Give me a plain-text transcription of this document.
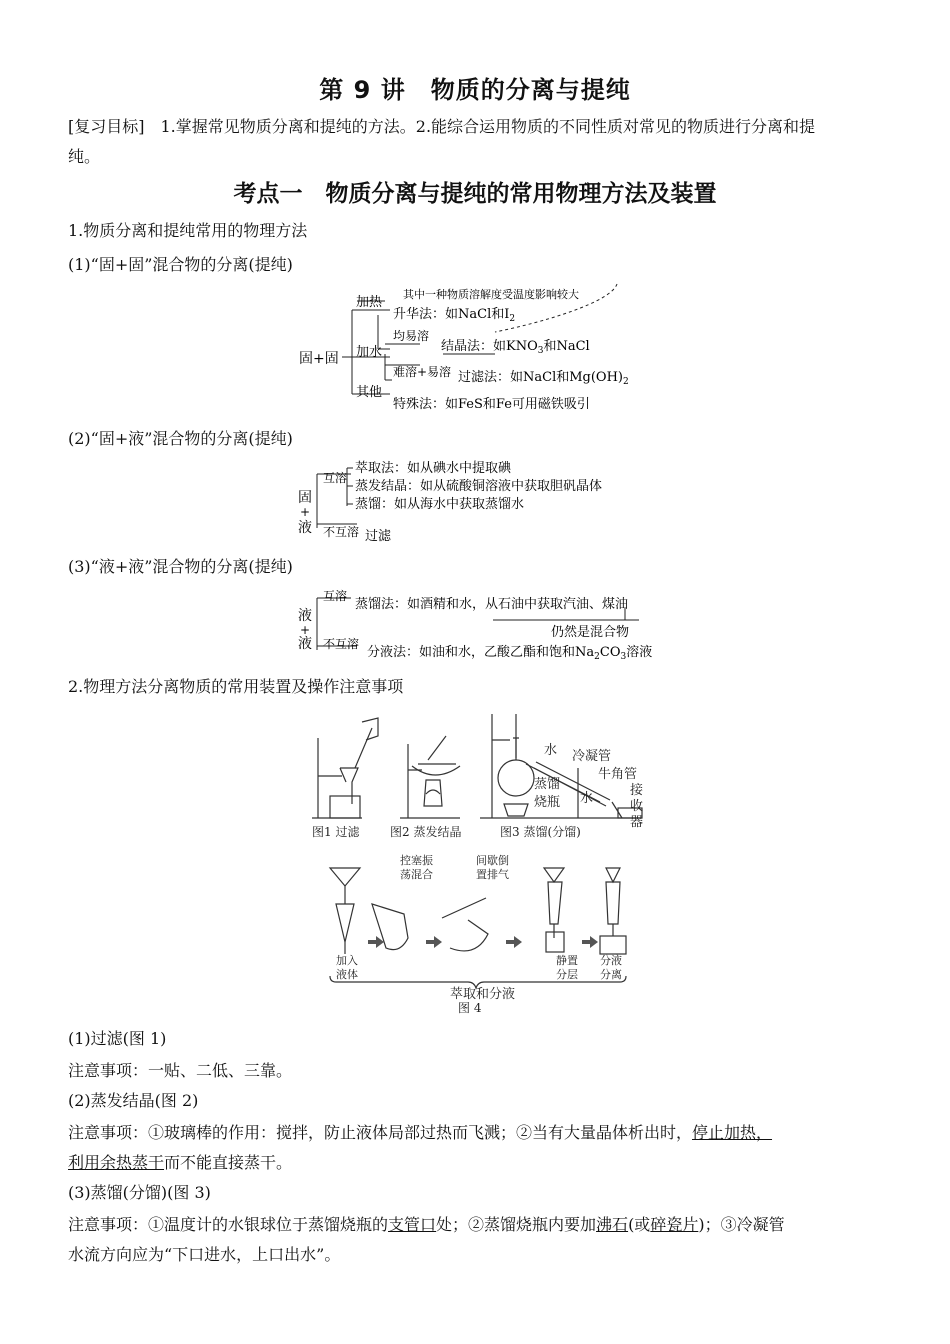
第 9 讲　物质的分离与提纯

[复习目标]　1.掌握常见物质分离和提纯的方法。2.能综合运用物质的不同性质对常见的物质进行分离和提

纯。

考点一　物质分离与提纯的常用物理方法及装置

1.物质分离和提纯常用的物理方法

(1)“固+固”混合物的分离(提纯)

固+固
加热
加水
其他
其中一种物质溶解度受温度影响较大
升华法：如NaCl和$I_2$
均易溶
难溶+易溶
结晶法：如$KNO_3$和NaCl
过滤法：如NaCl和$Mg(OH)_2$
特殊法：如FeS和Fe可用磁铁吸引

(2)“固+液”混合物的分离(提纯)

固
+
液
互溶
不互溶
萃取法：如从碘水中提取碘
蒸发结晶：如从硫酸铜溶液中获取胆矾晶体
蒸馏：如从海水中获取蒸馏水
过滤

(3)“液+液”混合物的分离(提纯)

液
+
液
互溶
不互溶
蒸馏法：如酒精和水，从石油中获取汽油、煤油
仍然是混合物
分液法：如油和水，乙酸乙酯和饱和$Na_2CO_3$溶液

2.物理方法分离物质的常用装置及操作注意事项

图1 过滤	图2 蒸发结晶	图3 蒸馏(分馏)
水 冷凝管
牛角管
蒸馏
烧瓶 水
接
收
器
加入
液体
控塞振
荡混合
间歇倒
置排气
静置
分层
分液
分离
萃取和分液
图 4

(1)过滤(图 1)

注意事项：一贴、二低、三靠。

(2)蒸发结晶(图 2)

注意事项：①玻璃棒的作用：搅拌，防止液体局部过热而飞溅；②当有大量晶体析出时，停止加热，

利用余热蒸干而不能直接蒸干。

(3)蒸馏(分馏)(图 3)

注意事项：①温度计的水银球位于蒸馏烧瓶的支管口处；②蒸馏烧瓶内要加沸石(或碎瓷片)；③冷凝管

水流方向应为“下口进水，上口出水”。
